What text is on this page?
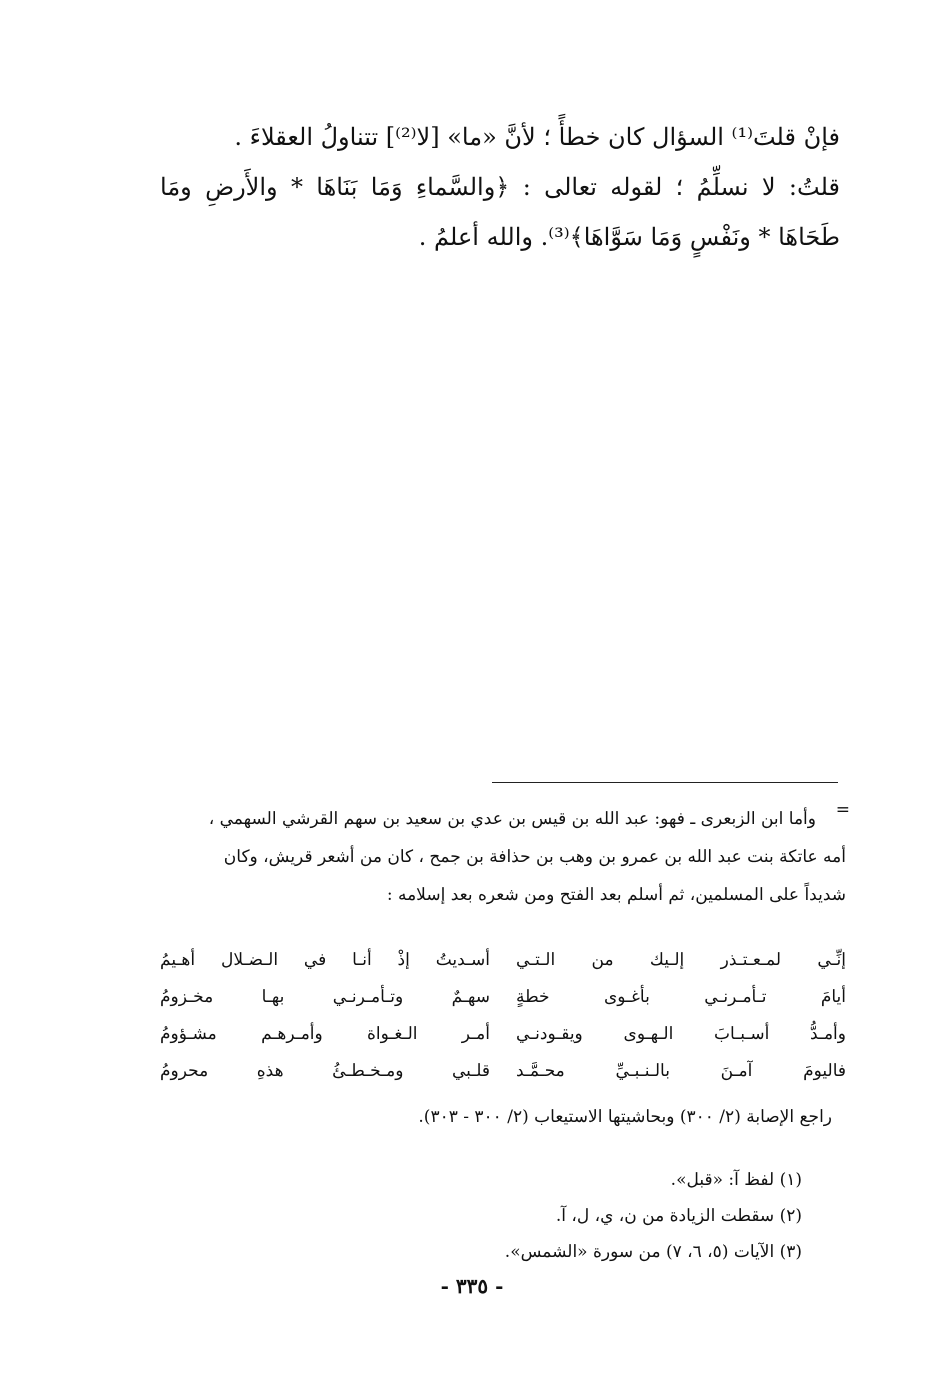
فإنْ قلتَ⁽¹⁾ السؤال كان خطأً ؛ لأنَّ «ما» [لا⁽²⁾] تتناولُ العقلاءَ .

قلتُ: لا نسلِّمُ ؛ لقوله تعالى : ﴿والسَّماءِ وَمَا بَنَاهَا * والأَرضِ ومَا طَحَاهَا * ونَفْسٍ وَمَا سَوَّاهَا﴾⁽³⁾. والله أعلمُ .

=
وأما ابن الزبعرى ـ فهو: عبد الله بن قيس بن عدي بن سعيد بن سهم القرشي السهمي ،
أمه عاتكة بنت عبد الله بن عمرو بن وهب بن حذافة بن جمح ، كان من أشعر قريش، وكان
شديداً على المسلمين، ثم أسلم بعد الفتح ومن شعره بعد إسلامه :
إنِّـي لمـعـتـذر إلـيك من الـتـي
أسـديتُ إذْ أنـا في الـضـلال أهـيمُ
أيامَ تـأمـرنـي بأغـوى خطةٍ
سهـمٌ وتـأمـرنـي بهـا مخـزومُ
وأمـدُّ أسـبـابَ الـهـوى ويقـودنـي
أمـر الـغـواة وأمـرهـم مشـؤومُ
فاليومَ آمـنَ بالـنـبـيِّ محـمَّـد
قلـبي ومـخـطـئُ هذهِ محرومُ
راجع الإصابة (٢/ ٣٠٠) وبحاشيتها الاستيعاب (٢/ ٣٠٠ - ٣٠٣).
(١) لفظ آ: «قبل».
(٢) سقطت الزيادة من ن، ي، ل، آ.
(٣) الآيات (٥، ٦، ٧) من سورة «الشمس».
- ٣٣٥ -
